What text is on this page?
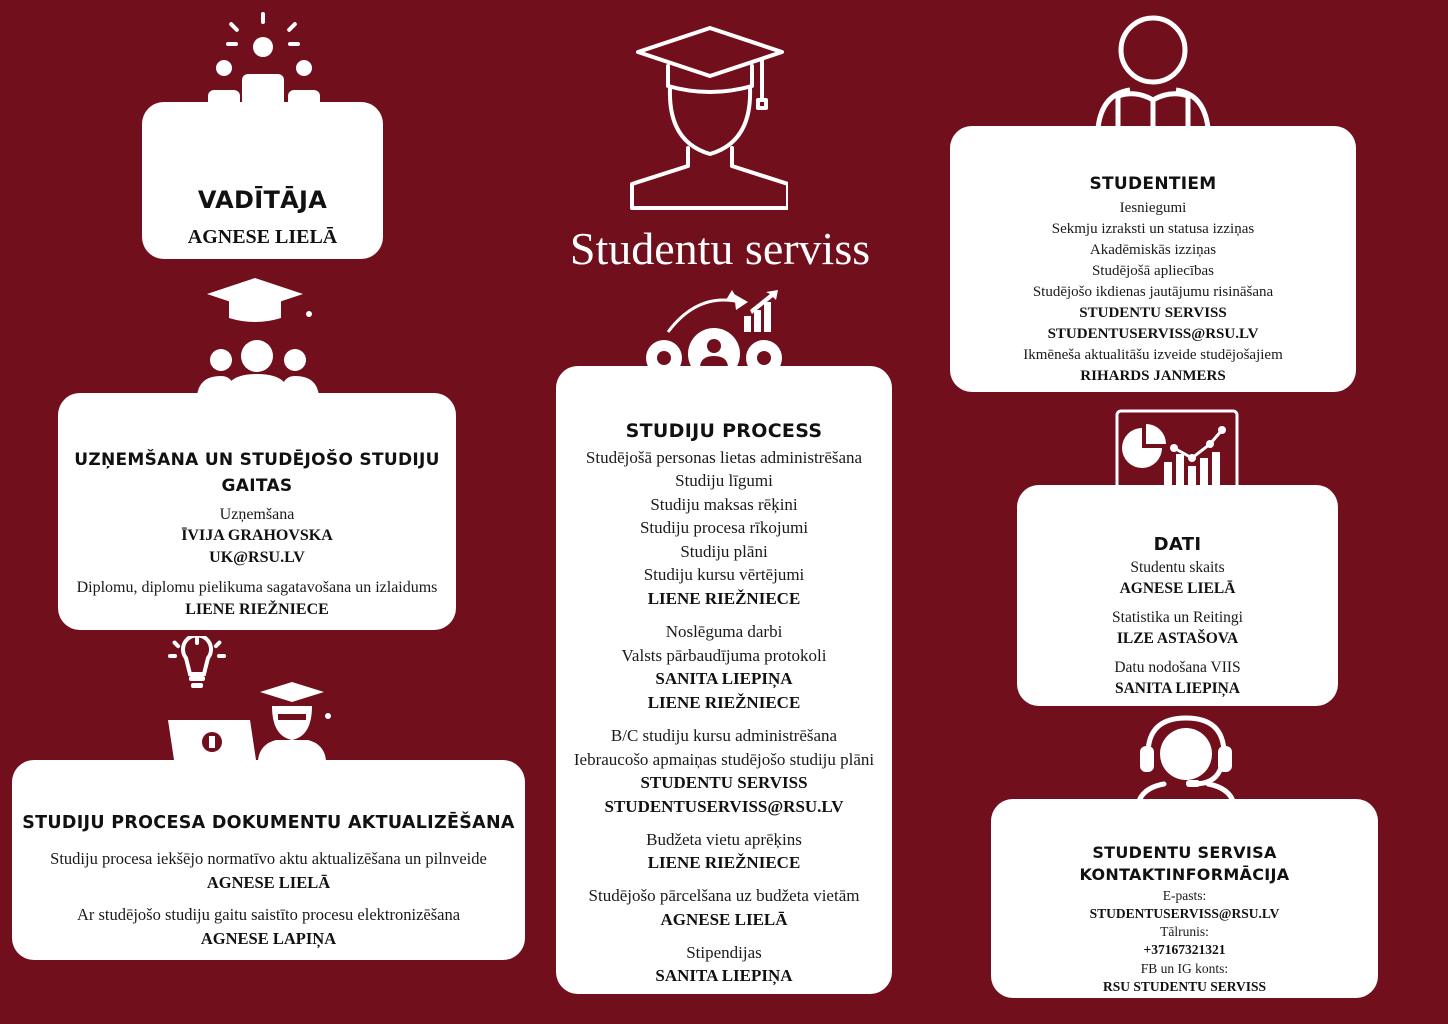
Studentu serviss
VADĪTĀJA
AGNESE LIELĀ
UZŅEMŠANA UN STUDĒJOŠO STUDIJU
GAITAS
Uzņemšana
ĪVIJA GRAHOVSKA
UK@RSU.LV
Diplomu, diplomu pielikuma sagatavošana un izlaidums
LIENE RIEŽNIECE
STUDIJU PROCESA DOKUMENTU AKTUALIZĒŠANA
Studiju procesa iekšējo normatīvo aktu aktualizēšana un pilnveide
AGNESE LIELĀ
Ar studējošo studiju gaitu saistīto procesu elektronizēšana
AGNESE LAPIŅA
STUDIJU PROCESS
Studējošā personas lietas administrēšana
Studiju līgumi
Studiju maksas rēķini
Studiju procesa rīkojumi
Studiju plāni
Studiju kursu vērtējumi
LIENE RIEŽNIECE
Noslēguma darbi
Valsts pārbaudījuma protokoli
SANITA LIEPIŅA
LIENE RIEŽNIECE
B/C studiju kursu administrēšana
Iebraucošo apmaiņas studējošo studiju plāni
STUDENTU SERVISS
STUDENTUSERVISS@RSU.LV
Budžeta vietu aprēķins
LIENE RIEŽNIECE
Studējošo pārcelšana uz budžeta vietām
AGNESE LIELĀ
Stipendijas
SANITA LIEPIŅA
STUDENTIEM
Iesniegumi
Sekmju izraksti un statusa izziņas
Akadēmiskās izziņas
Studējošā apliecības
Studējošo ikdienas jautājumu risināšana
STUDENTU SERVISS
STUDENTUSERVISS@RSU.LV
Ikmēneša aktualitāšu izveide studējošajiem
RIHARDS JANMERS
DATI
Studentu skaits
AGNESE LIELĀ
Statistika un Reitingi
ILZE ASTAŠOVA
Datu nodošana VIIS
SANITA LIEPIŅA
STUDENTU SERVISA
KONTAKTINFORMĀCIJA
E-pasts:
STUDENTUSERVISS@RSU.LV
Tālrunis:
+37167321321
FB un IG konts:
RSU STUDENTU SERVISS
